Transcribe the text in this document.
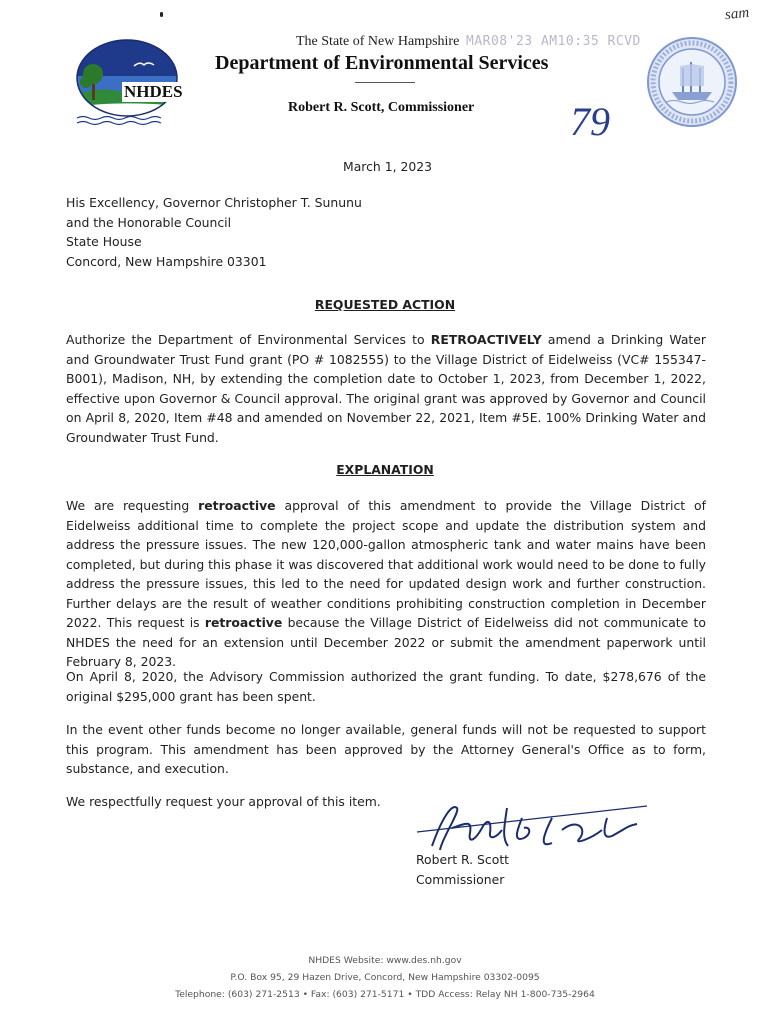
sam
NHDES
The State of New Hampshire MAR08'23 AM10:35 RCVD
Department of Environmental Services
Robert R. Scott, Commissioner 79
March 1, 2023
His Excellency, Governor Christopher T. Sununu
and the Honorable Council
State House
Concord, New Hampshire 03301
REQUESTED ACTION
Authorize the Department of Environmental Services to RETROACTIVELY amend a Drinking Water and Groundwater Trust Fund grant (PO # 1082555) to the Village District of Eidelweiss (VC# 155347-B001), Madison, NH, by extending the completion date to October 1, 2023, from December 1, 2022, effective upon Governor & Council approval. The original grant was approved by Governor and Council on April 8, 2020, Item #48 and amended on November 22, 2021, Item #5E. 100% Drinking Water and Groundwater Trust Fund.
EXPLANATION
We are requesting retroactive approval of this amendment to provide the Village District of Eidelweiss additional time to complete the project scope and update the distribution system and address the pressure issues. The new 120,000-gallon atmospheric tank and water mains have been completed, but during this phase it was discovered that additional work would need to be done to fully address the pressure issues, this led to the need for updated design work and further construction. Further delays are the result of weather conditions prohibiting construction completion in December 2022. This request is retroactive because the Village District of Eidelweiss did not communicate to NHDES the need for an extension until December 2022 or submit the amendment paperwork until February 8, 2023.
On April 8, 2020, the Advisory Commission authorized the grant funding. To date, $278,676 of the original $295,000 grant has been spent.
In the event other funds become no longer available, general funds will not be requested to support this program. This amendment has been approved by the Attorney General's Office as to form, substance, and execution.
We respectfully request your approval of this item.
Robert R. Scott
Commissioner
NHDES Website: www.des.nh.gov
P.O. Box 95, 29 Hazen Drive, Concord, New Hampshire 03302-0095
Telephone: (603) 271-2513 • Fax: (603) 271-5171 • TDD Access: Relay NH 1-800-735-2964
